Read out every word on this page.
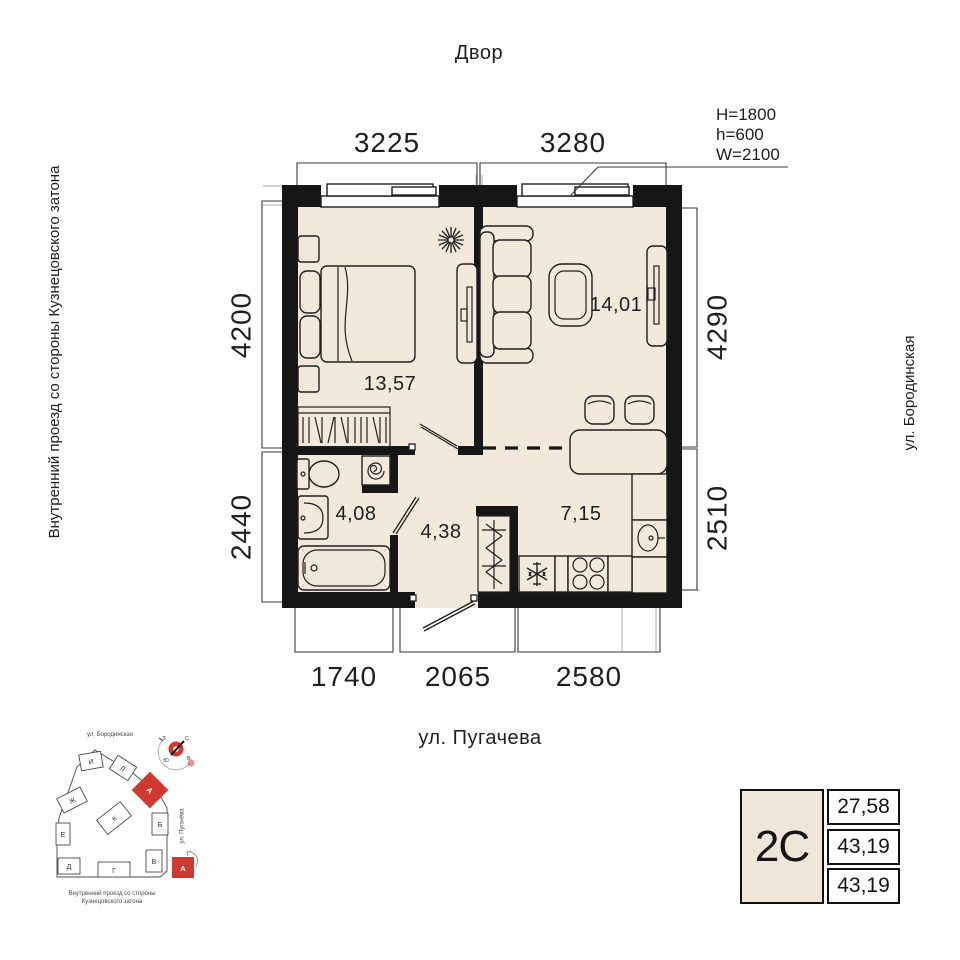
Двор
ул. Пугачева
Внутренний проезд со стороны Кузнецовского затона	ул. Бородинская
H=1800
h=600
W=2100
3225	3280
1740 2065 2580
4200
2440
4290
2510
13,57
14,01
4,08
4,38
7,15
ул. Бородинская
ул. Пугачёва
Внутренний проезд со стороны
Кузнецовского затона
И
Л
Ж
К
Б
Е
Д
Г
В
А
А
С
Ю
З
В
2С
27,58
43,19
43,19
